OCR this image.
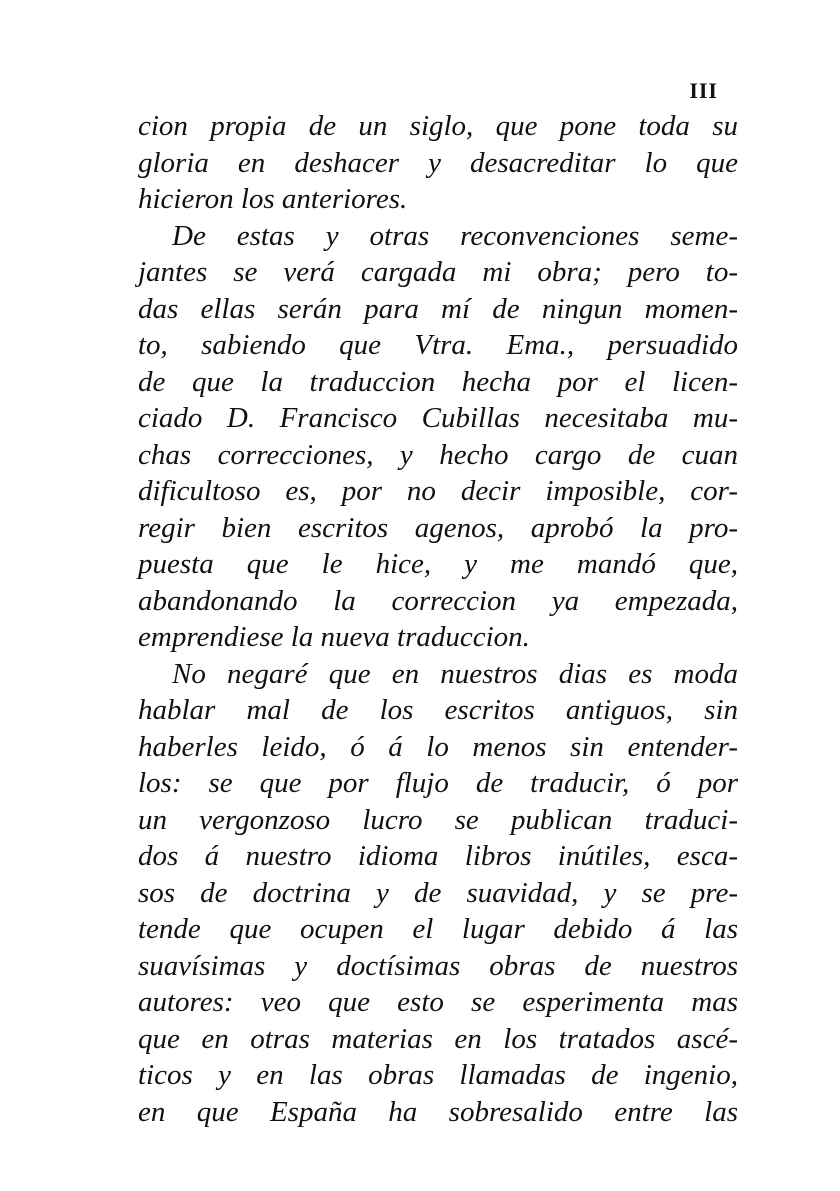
III

cion propia de un siglo, que pone toda su
gloria en deshacer y desacreditar lo que
hicieron los anteriores.
De estas y otras reconvenciones seme-
jantes se verá cargada mi obra; pero to-
das ellas serán para mí de ningun momen-
to, sabiendo que Vtra. Ema., persuadido
de que la traduccion hecha por el licen-
ciado D. Francisco Cubillas necesitaba mu-
chas correcciones, y hecho cargo de cuan
dificultoso es, por no decir imposible, cor-
regir bien escritos agenos, aprobó la pro-
puesta que le hice, y me mandó que,
abandonando la correccion ya empezada,
emprendiese la nueva traduccion.
No negaré que en nuestros dias es moda
hablar mal de los escritos antiguos, sin
haberles leido, ó á lo menos sin entender-
los: se que por flujo de traducir, ó por
un vergonzoso lucro se publican traduci-
dos á nuestro idioma libros inútiles, esca-
sos de doctrina y de suavidad, y se pre-
tende que ocupen el lugar debido á las
suavísimas y doctísimas obras de nuestros
autores: veo que esto se esperimenta mas
que en otras materias en los tratados ascé-
ticos y en las obras llamadas de ingenio,
en que España ha sobresalido entre las
